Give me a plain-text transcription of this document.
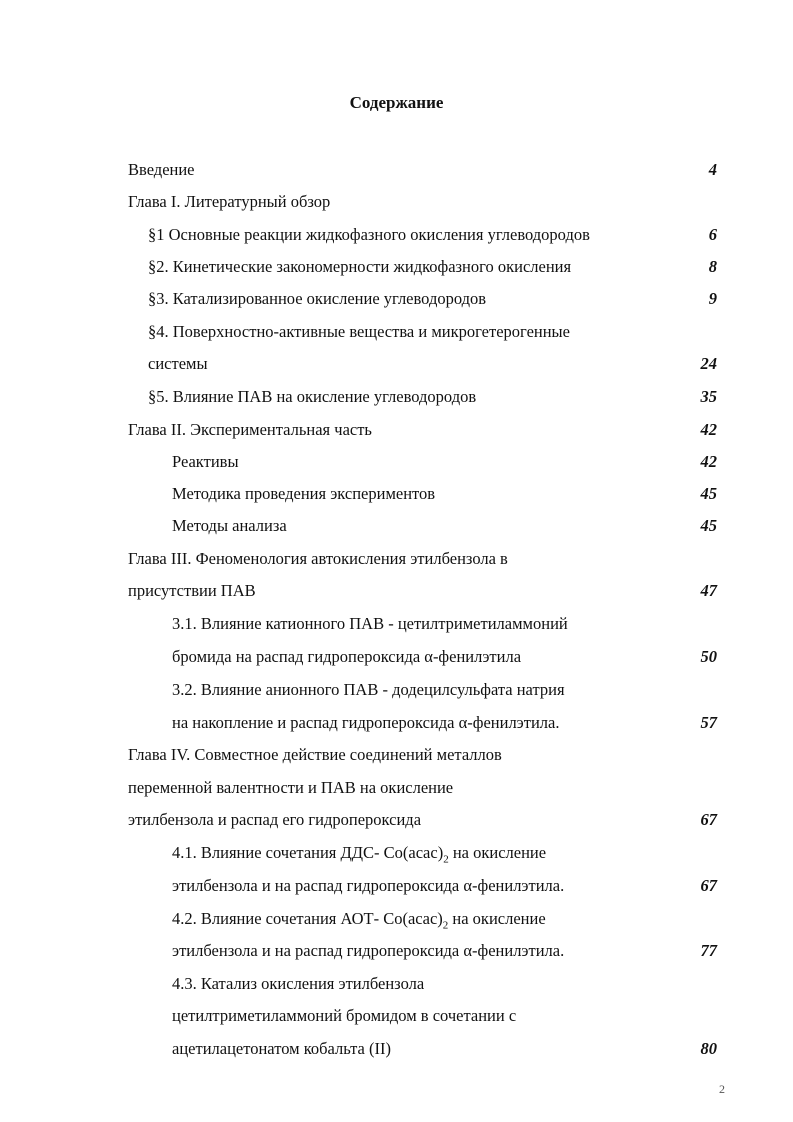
Содержание
Введение	4
Глава I. Литературный обзор
§1 Основные реакции жидкофазного окисления углеводородов	6
§2. Кинетические закономерности жидкофазного окисления	8
§3. Катализированное окисление углеводородов	9
§4. Поверхностно-активные вещества и микрогетерогенные
системы	24
§5. Влияние ПАВ на окисление углеводородов	35
Глава II. Экспериментальная часть	42
Реактивы	42
Методика проведения экспериментов	45
Методы анализа	45
Глава III. Феноменология автокисления этилбензола в
присутствии ПАВ	47
3.1. Влияние катионного ПАВ - цетилтриметиламмоний
бромида на распад гидропероксида α-фенилэтила	50
3.2. Влияние анионного ПАВ - додецилсульфата натрия
на накопление и распад гидропероксида α-фенилэтила.	57
Глава IV. Совместное действие соединений металлов
переменной валентности и ПАВ на окисление
этилбензола и распад его гидропероксида	67
4.1. Влияние сочетания ДДС- $Co(acac)_2$ на окисление
этилбензола и на распад гидропероксида α-фенилэтила.	67
4.2. Влияние сочетания АОТ- $Co(acac)_2$ на окисление
этилбензола и на распад гидропероксида α-фенилэтила.	77
4.3. Катализ окисления этилбензола
цетилтриметиламмоний бромидом в сочетании с
ацетилацетонатом кобальта (II)	80
2
